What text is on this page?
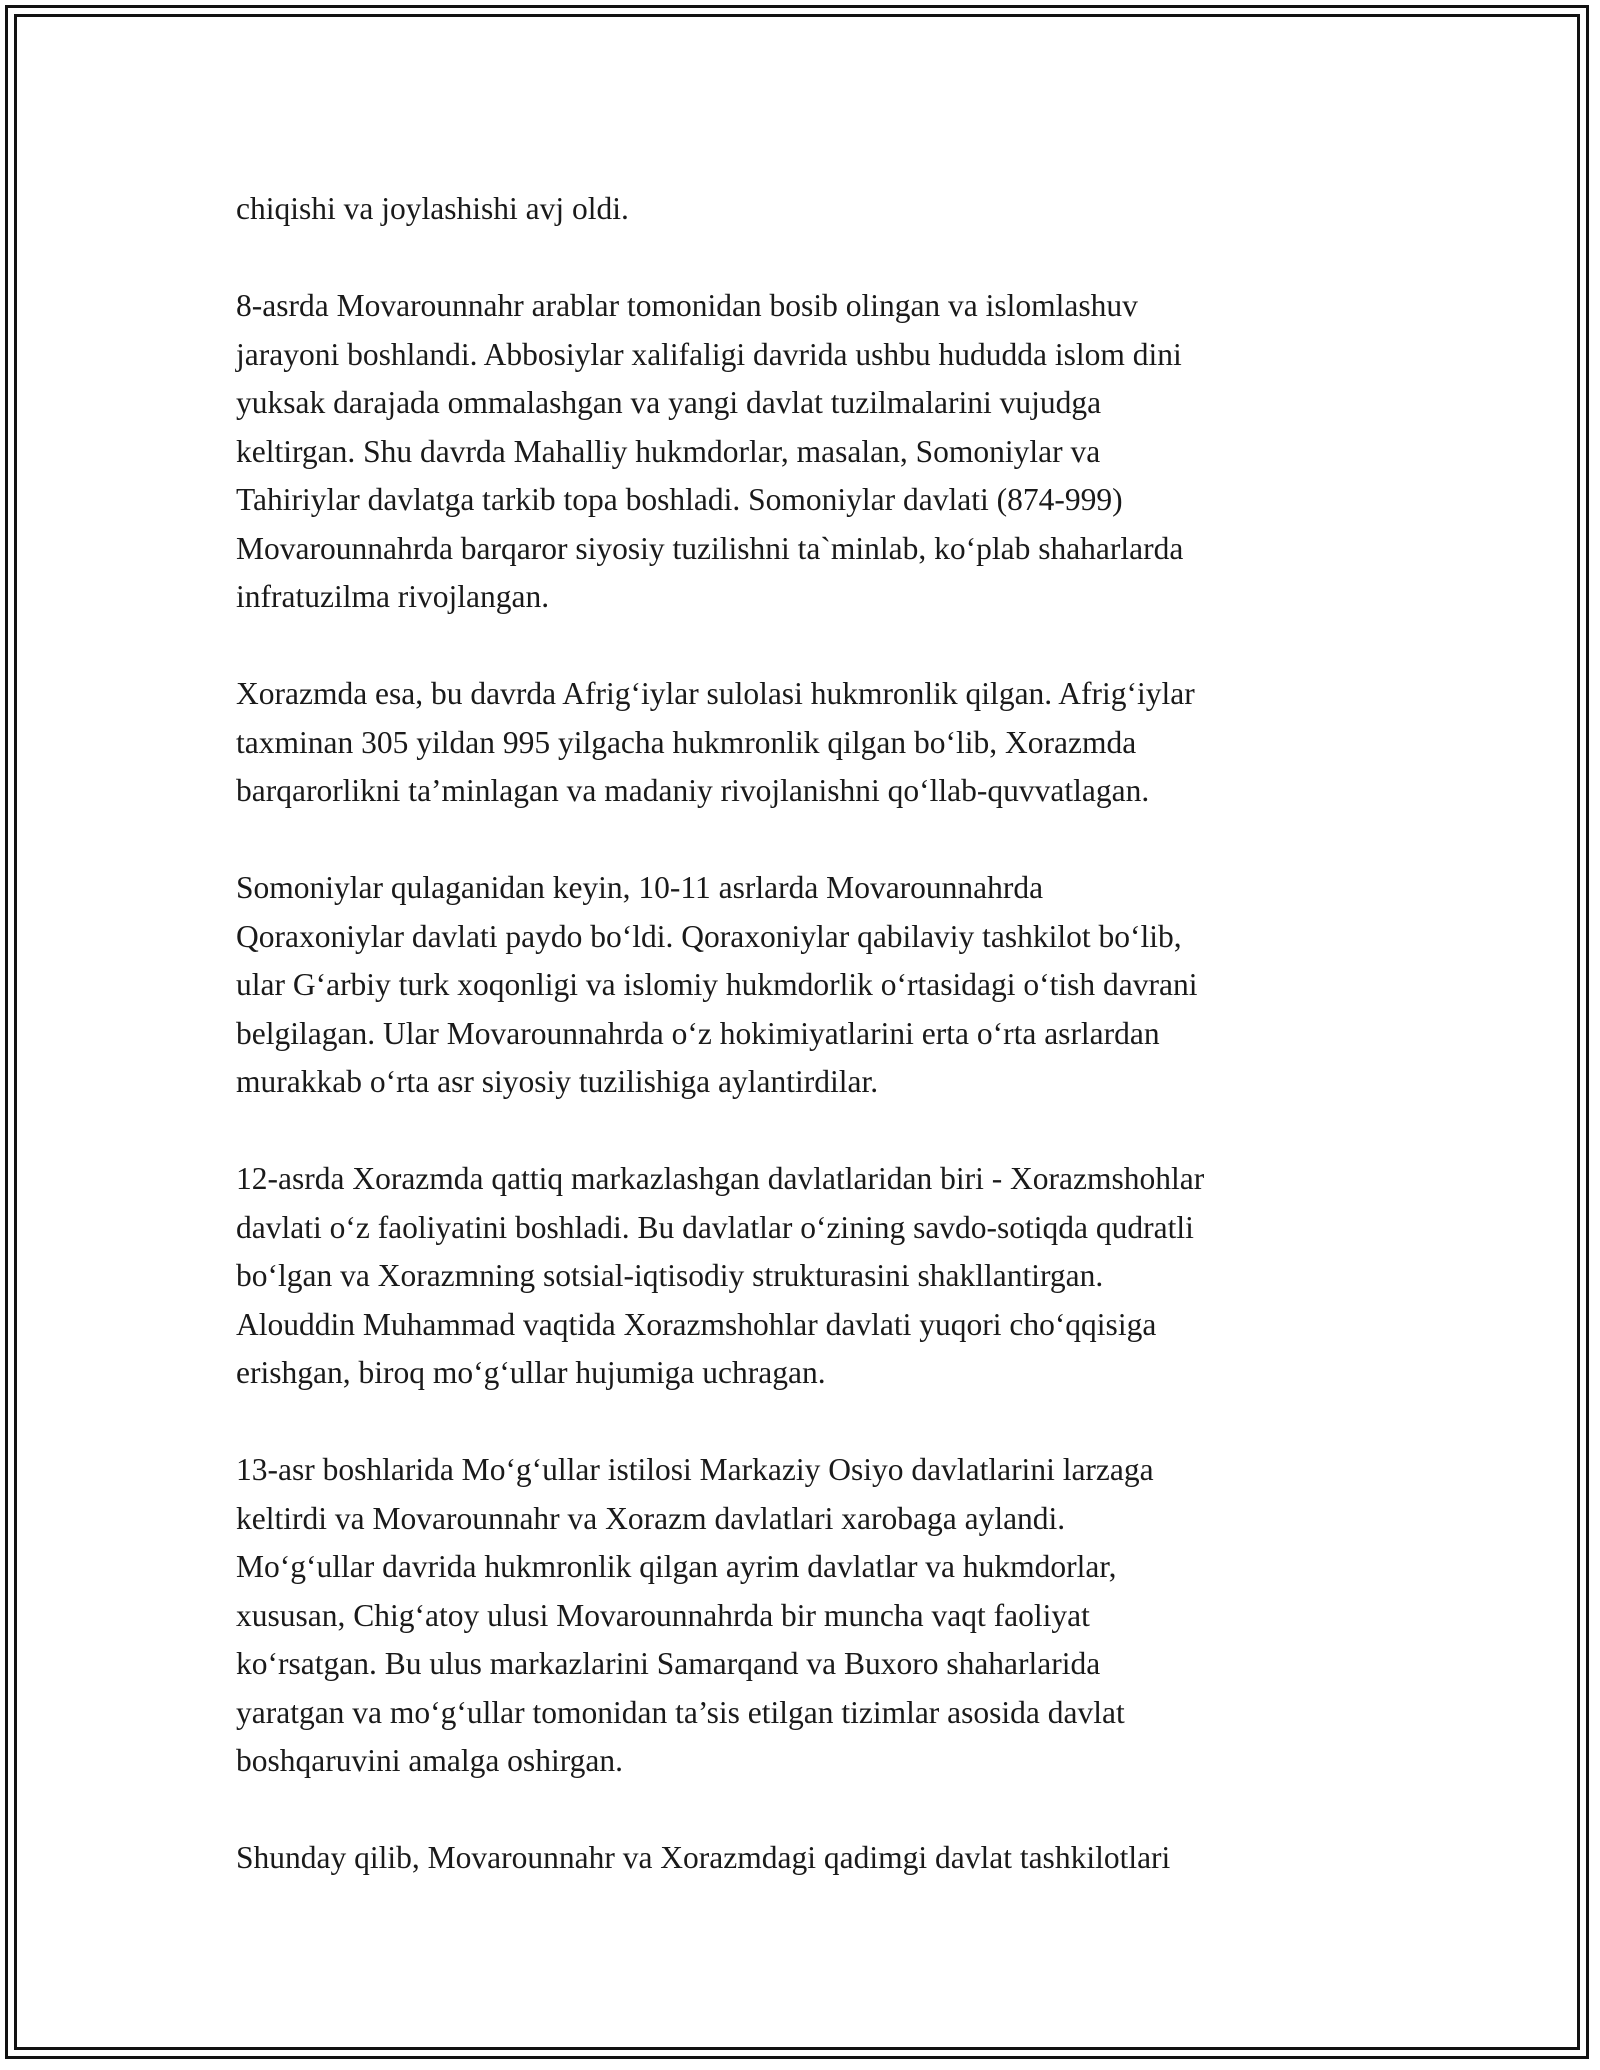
chiqishi va joylashishi avj oldi.

8-asrda Movarounnahr arablar tomonidan bosib olingan va islomlashuv
jarayoni boshlandi. Abbosiylar xalifaligi davrida ushbu hududda islom dini
yuksak darajada ommalashgan va yangi davlat tuzilmalarini vujudga
keltirgan. Shu davrda Mahalliy hukmdorlar, masalan, Somoniylar va
Tahiriylar davlatga tarkib topa boshladi. Somoniylar davlati (874-999)
Movarounnahrda barqaror siyosiy tuzilishni ta`minlab, ko‘plab shaharlarda
infratuzilma rivojlangan.

Xorazmda esa, bu davrda Afrig‘iylar sulolasi hukmronlik qilgan. Afrig‘iylar
taxminan 305 yildan 995 yilgacha hukmronlik qilgan bo‘lib, Xorazmda
barqarorlikni ta’minlagan va madaniy rivojlanishni qo‘llab-quvvatlagan.

Somoniylar qulaganidan keyin, 10-11 asrlarda Movarounnahrda
Qoraxoniylar davlati paydo bo‘ldi. Qoraxoniylar qabilaviy tashkilot bo‘lib,
ular G‘arbiy turk xoqonligi va islomiy hukmdorlik o‘rtasidagi o‘tish davrani
belgilagan. Ular Movarounnahrda o‘z hokimiyatlarini erta o‘rta asrlardan
murakkab o‘rta asr siyosiy tuzilishiga aylantirdilar.

12-asrda Xorazmda qattiq markazlashgan davlatlaridan biri - Xorazmshohlar
davlati o‘z faoliyatini boshladi. Bu davlatlar o‘zining savdo-sotiqda qudratli
bo‘lgan va Xorazmning sotsial-iqtisodiy strukturasini shakllantirgan.
Alouddin Muhammad vaqtida Xorazmshohlar davlati yuqori cho‘qqisiga
erishgan, biroq mo‘g‘ullar hujumiga uchragan.

13-asr boshlarida Mo‘g‘ullar istilosi Markaziy Osiyo davlatlarini larzaga
keltirdi va Movarounnahr va Xorazm davlatlari xarobaga aylandi.
Mo‘g‘ullar davrida hukmronlik qilgan ayrim davlatlar va hukmdorlar,
xususan, Chig‘atoy ulusi Movarounnahrda bir muncha vaqt faoliyat
ko‘rsatgan. Bu ulus markazlarini Samarqand va Buxoro shaharlarida
yaratgan va mo‘g‘ullar tomonidan ta’sis etilgan tizimlar asosida davlat
boshqaruvini amalga oshirgan.

Shunday qilib, Movarounnahr va Xorazmdagi qadimgi davlat tashkilotlari
